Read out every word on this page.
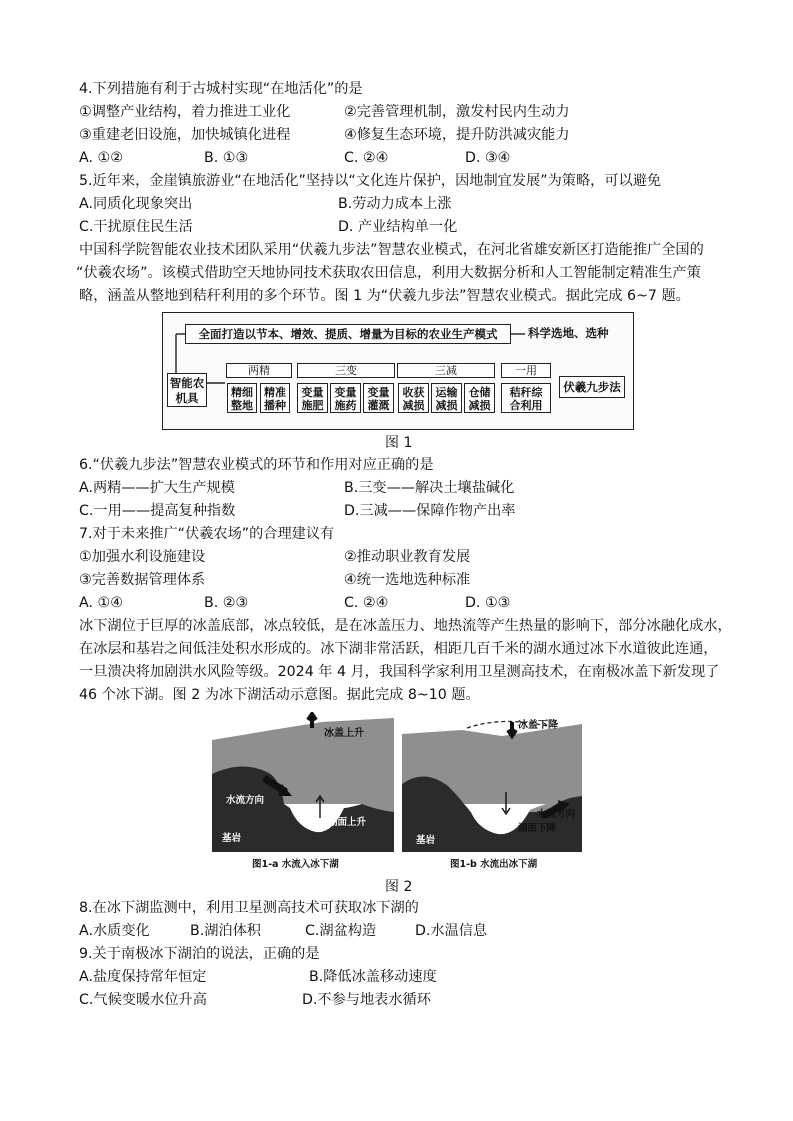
4.下列措施有利于古城村实现“在地活化”的是
①调整产业结构，着力推进工业化	②完善管理机制，激发村民内生动力
③重建老旧设施，加快城镇化进程	④修复生态环境，提升防洪减灾能力
A. ①②	B. ①③	C. ②④	D. ③④
5.近年来，金崖镇旅游业“在地活化”坚持以“文化连片保护，因地制宜发展”为策略，可以避免
A.同质化现象突出	B.劳动力成本上涨
C.干扰原住民生活	D. 产业结构单一化
中国科学院智能农业技术团队采用“伏羲九步法”智慧农业模式，在河北省雄安新区打造能推广全国的
“伏羲农场”。该模式借助空天地协同技术获取农田信息，利用大数据分析和人工智能制定精准生产策
略，涵盖从整地到秸秆利用的多个环节。图 1 为“伏羲九步法”智慧农业模式。据此完成 6~7 题。
全面打造以节本、增效、提质、增量为目标的农业生产模式	科学选地、选种
智能农机具
两精	三变	三减	一用
精细整地
精准播种
变量施肥
变量施药
变量灌溉
收获减损
运输减损
仓储减损
秸秆综合利用
伏羲九步法
图 1
6.“伏羲九步法”智慧农业模式的环节和作用对应正确的是
A.两精——扩大生产规模	B.三变——解决土壤盐碱化
C.一用——提高复种指数	D.三减——保障作物产出率
7.对于未来推广“伏羲农场”的合理建议有
①加强水利设施建设	②推动职业教育发展
③完善数据管理体系	④统一选地选种标准
A. ①④	B. ②③	C. ②④	D. ①③
冰下湖位于巨厚的冰盖底部，冰点较低，是在冰盖压力、地热流等产生热量的影响下，部分冰融化成水，
在冰层和基岩之间低洼处积水形成的。冰下湖非常活跃，相距几百千米的湖水通过冰下水道彼此连通，
一旦溃决将加剧洪水风险等级。2024 年 4 月，我国科学家利用卫星测高技术，在南极冰盖下新发现了
46 个冰下湖。图 2 为冰下湖活动示意图。据此完成 8~10 题。
冰盖上升
水流方向
湖面上升
基岩
图1-a 水流入冰下湖
冰盖下降
水流方向
湖面下降
基岩
图1-b 水流出冰下湖
图 2
8.在冰下湖监测中，利用卫星测高技术可获取冰下湖的
A.水质变化	B.湖泊体积	C.湖盆构造	D.水温信息
9.关于南极冰下湖泊的说法，正确的是
A.盐度保持常年恒定	B.降低冰盖移动速度
C.气候变暖水位升高	D.不参与地表水循环
